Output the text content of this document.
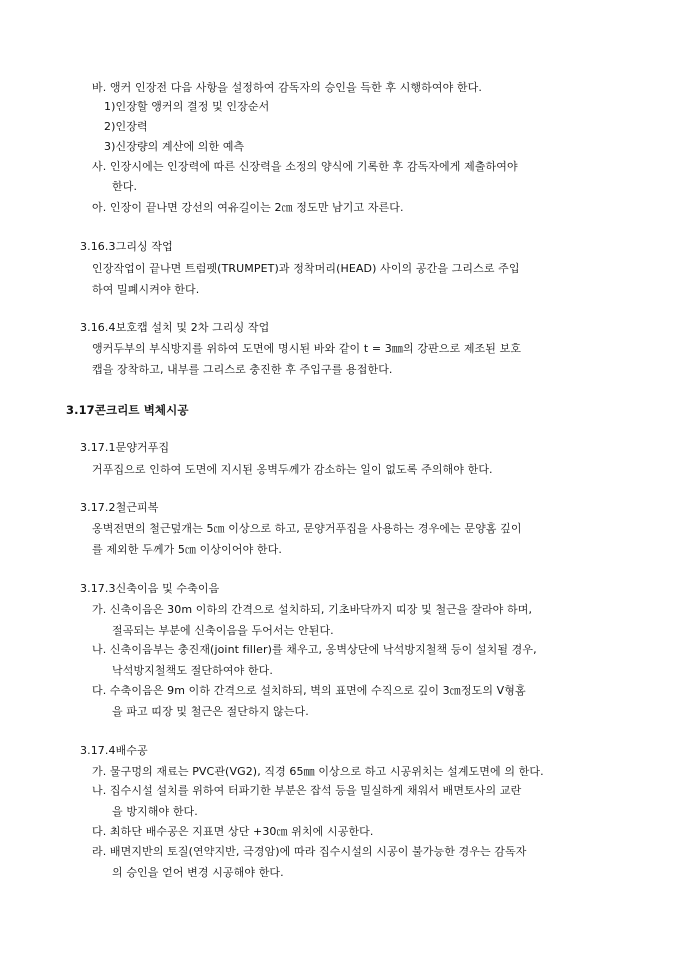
바. 앵커 인장전 다음 사항을 설정하여 감독자의 승인을 득한 후 시행하여야 한다.
1)인장할 앵커의 결정 및 인장순서
2)인장력
3)신장량의 계산에 의한 예측
사. 인장시에는 인장력에 따른 신장력을 소정의 양식에 기록한 후 감독자에게 제출하여야
한다.
아. 인장이 끝나면 강선의 여유길이는 2㎝ 정도만 남기고 자른다.
3.16.3그리싱 작업
인장작업이 끝나면 트럼펫(TRUMPET)과 정착머리(HEAD) 사이의 공간을 그리스로 주입
하여 밀폐시켜야 한다.
3.16.4보호캡 설치 및 2차 그리싱 작업
앵커두부의 부식방지를 위하여 도면에 명시된 바와 같이 t = 3㎜의 강판으로 제조된 보호
캡을 장착하고, 내부를 그리스로 충진한 후 주입구를 용접한다.
3.17콘크리트 벽체시공
3.17.1문양거푸집
거푸집으로 인하여 도면에 지시된 옹벽두께가 감소하는 일이 없도록 주의해야 한다.
3.17.2철근피복
옹벽전면의 철근덮개는 5㎝ 이상으로 하고, 문양거푸집을 사용하는 경우에는 문양홈 깊이
를 제외한 두께가 5㎝ 이상이어야 한다.
3.17.3신축이음 및 수축이음
가. 신축이음은 30m 이하의 간격으로 설치하되, 기초바닥까지 띠장 및 철근을 잘라야 하며,
절곡되는 부분에 신축이음을 두어서는 안된다.
나. 신축이음부는 충진재(joint filler)를 채우고, 옹벽상단에 낙석방지철책 등이 설치될 경우,
낙석방지철책도 절단하여야 한다.
다. 수축이음은 9m 이하 간격으로 설치하되, 벽의 표면에 수직으로 깊이 3㎝정도의 V형홈
을 파고 띠장 및 철근은 절단하지 않는다.
3.17.4배수공
가. 물구멍의 재료는 PVC관(VG2), 직경 65㎜ 이상으로 하고 시공위치는 설계도면에 의 한다.
나. 집수시설 설치를 위하여 터파기한 부분은 잡석 등을 밀실하게 채워서 배면토사의 교란
을 방지해야 한다.
다. 최하단 배수공은 지표면 상단 +30㎝ 위치에 시공한다.
라. 배면지반의 토질(연약지반, 극경암)에 따라 집수시설의 시공이 불가능한 경우는 감독자
의 승인을 얻어 변경 시공해야 한다.
